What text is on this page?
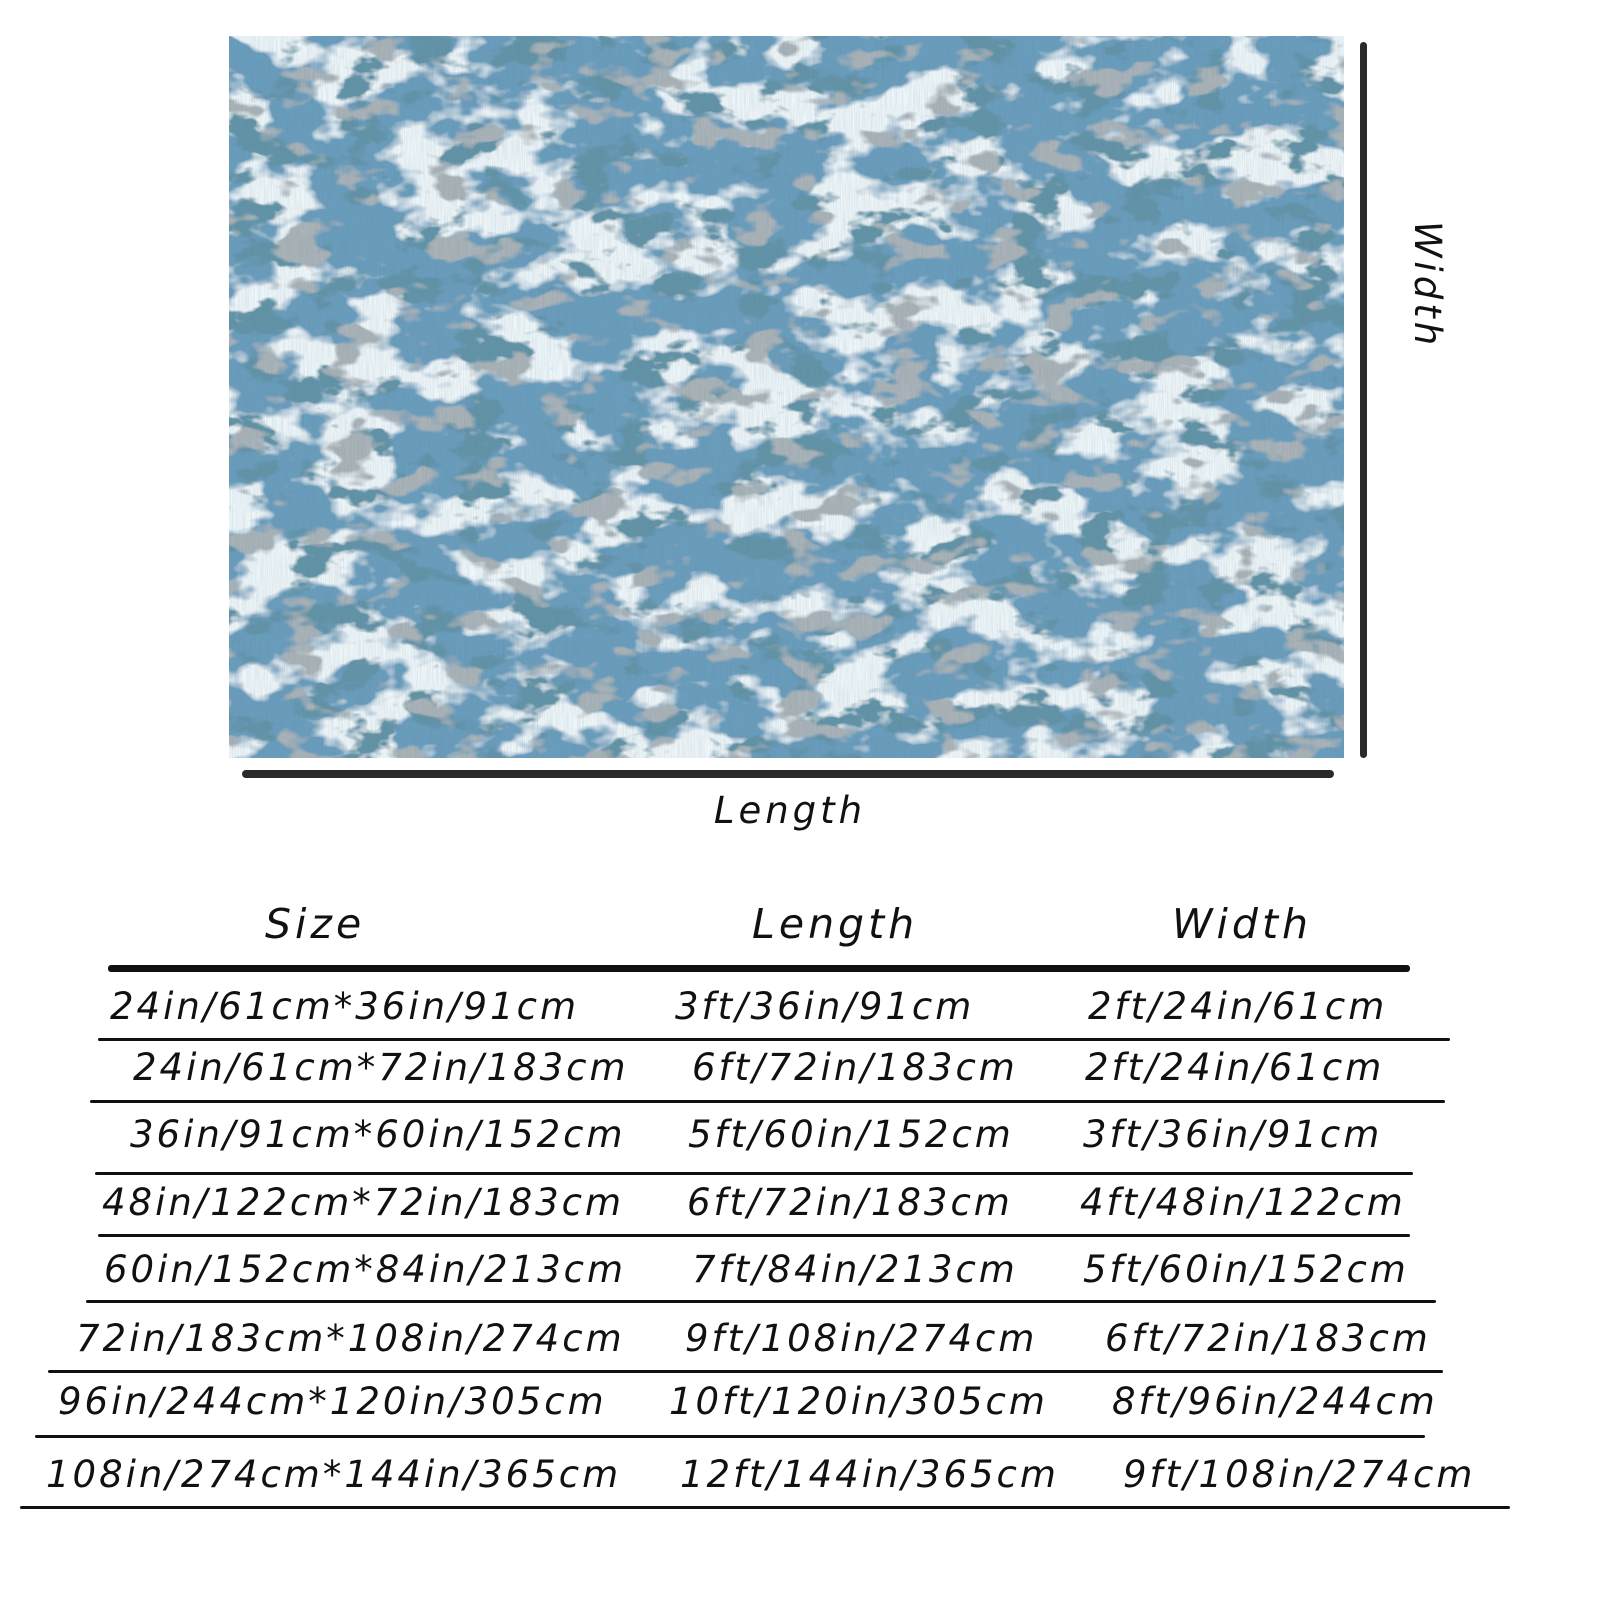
Length
Width
Size	Length	Width
24in/61cm*36in/91cm	3ft/36in/91cm	2ft/24in/61cm
24in/61cm*72in/183cm 6ft/72in/183cm 2ft/24in/61cm
36in/91cm*60in/152cm 5ft/60in/152cm 3ft/36in/91cm
48in/122cm*72in/183cm 6ft/72in/183cm 4ft/48in/122cm
60in/152cm*84in/213cm 7ft/84in/213cm 5ft/60in/152cm
72in/183cm*108in/274cm 9ft/108in/274cm 6ft/72in/183cm
96in/244cm*120in/305cm 10ft/120in/305cm 8ft/96in/244cm
108in/274cm*144in/365cm 12ft/144in/365cm 9ft/108in/274cm
